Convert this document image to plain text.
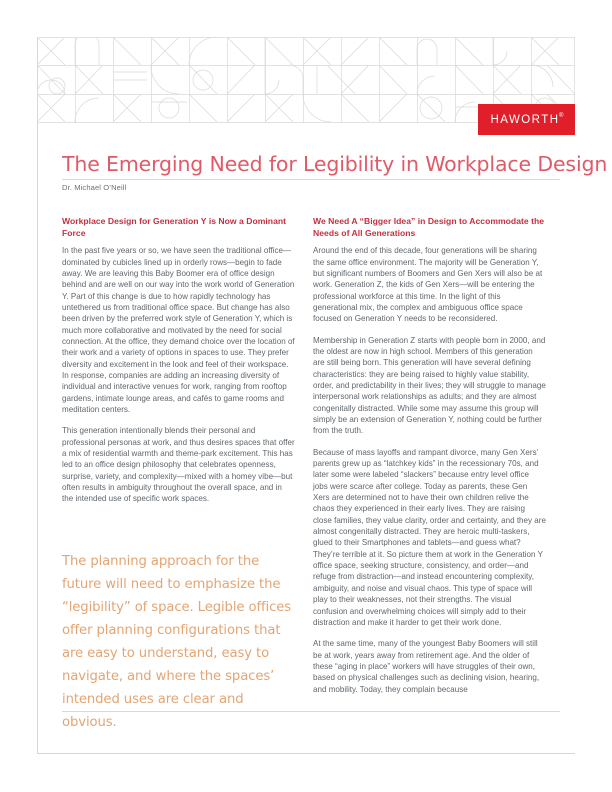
HAWORTH ®
The Emerging Need for Legibility in Workplace Design
Dr. Michael O’Neill
Workplace Design for Generation Y is Now a Dominant Force

In the past five years or so, we have seen the traditional office—dominated by cubicles lined up in orderly rows—begin to fade away. We are leaving this Baby Boomer era of office design behind and are well on our way into the work world of Generation Y. Part of this change is due to how rapidly technology has untethered us from traditional office space. But change has also been driven by the preferred work style of Generation Y, which is much more collaborative and motivated by the need for social connection. At the office, they demand choice over the location of their work and a variety of options in spaces to use. They prefer diversity and excitement in the look and feel of their workspace. In response, companies are adding an increasing diversity of individual and interactive venues for work, ranging from rooftop gardens, intimate lounge areas, and cafés to game rooms and meditation centers.

This generation intentionally blends their personal and professional personas at work, and thus desires spaces that offer a mix of residential warmth and theme-park excitement. This has led to an office design philosophy that celebrates openness, surprise, variety, and complexity—mixed with a homey vibe—but often results in ambiguity throughout the overall space, and in the intended use of specific work spaces.

We Need A “Bigger Idea” in Design to Accommodate the Needs of All Generations

Around the end of this decade, four generations will be sharing the same office environment. The majority will be Generation Y, but significant numbers of Boomers and Gen Xers will also be at work. Generation Z, the kids of Gen Xers—will be entering the professional workforce at this time. In the light of this generational mix, the complex and ambiguous office space focused on Generation Y needs to be reconsidered.

Membership in Generation Z starts with people born in 2000, and the oldest are now in high school. Members of this generation are still being born. This generation will have several defining characteristics: they are being raised to highly value stability, order, and predictability in their lives; they will struggle to manage interpersonal work relationships as adults; and they are almost congenitally distracted. While some may assume this group will simply be an extension of Generation Y, nothing could be further from the truth.

Because of mass layoffs and rampant divorce, many Gen Xers’ parents grew up as “latchkey kids” in the recessionary 70s, and later some were labeled “slackers” because entry level office jobs were scarce after college. Today as parents, these Gen Xers are determined not to have their own children relive the chaos they experienced in their early lives. They are raising close families, they value clarity, order and certainty, and they are almost congenitally distracted. They are heroic multi-taskers, glued to their Smartphones and tablets—and guess what? They’re terrible at it. So picture them at work in the Generation Y office space, seeking structure, consistency, and order—and refuge from distraction—and instead encountering complexity, ambiguity, and noise and visual chaos. This type of space will play to their weaknesses, not their strengths. The visual confusion and overwhelming choices will simply add to their distraction and make it harder to get their work done.

At the same time, many of the youngest Baby Boomers will still be at work, years away from retirement age. And the older of these “aging in place” workers will have struggles of their own, based on physical challenges such as declining vision, hearing, and mobility. Today, they complain because

The planning approach for the future will need to emphasize the “legibility” of space. Legible offices offer planning configurations that are easy to understand, easy to navigate, and where the spaces’ intended uses are clear and obvious.
